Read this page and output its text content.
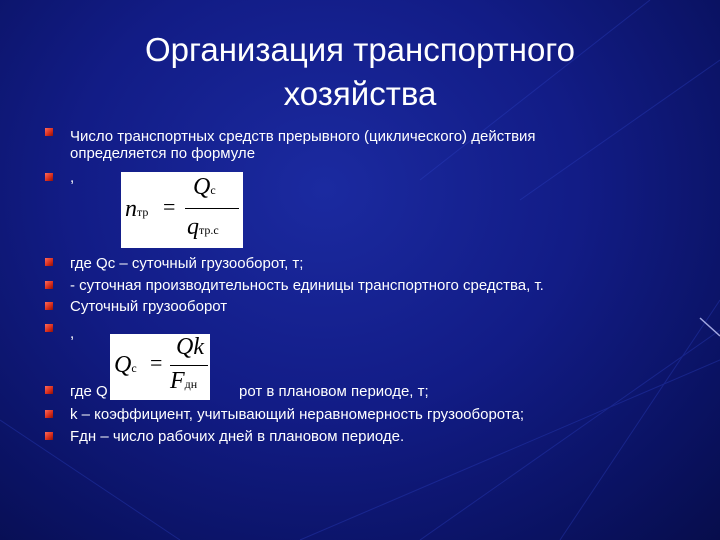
Организация транспортного
хозяйства
Число транспортных средств прерывного (циклического) действия
определяется по формуле
,
где Qс – суточный грузооборот, т;
- суточная производительность единицы транспортного средства, т.
Суточный грузооборот
,
где Q	рот в плановом периоде, т;
k – коэффициент, учитывающий неравномерность грузооборота;
Fдн – число рабочих дней в плановом периоде.
nтр =
Qс
qтр.с
Qс =
Qk
Fдн
